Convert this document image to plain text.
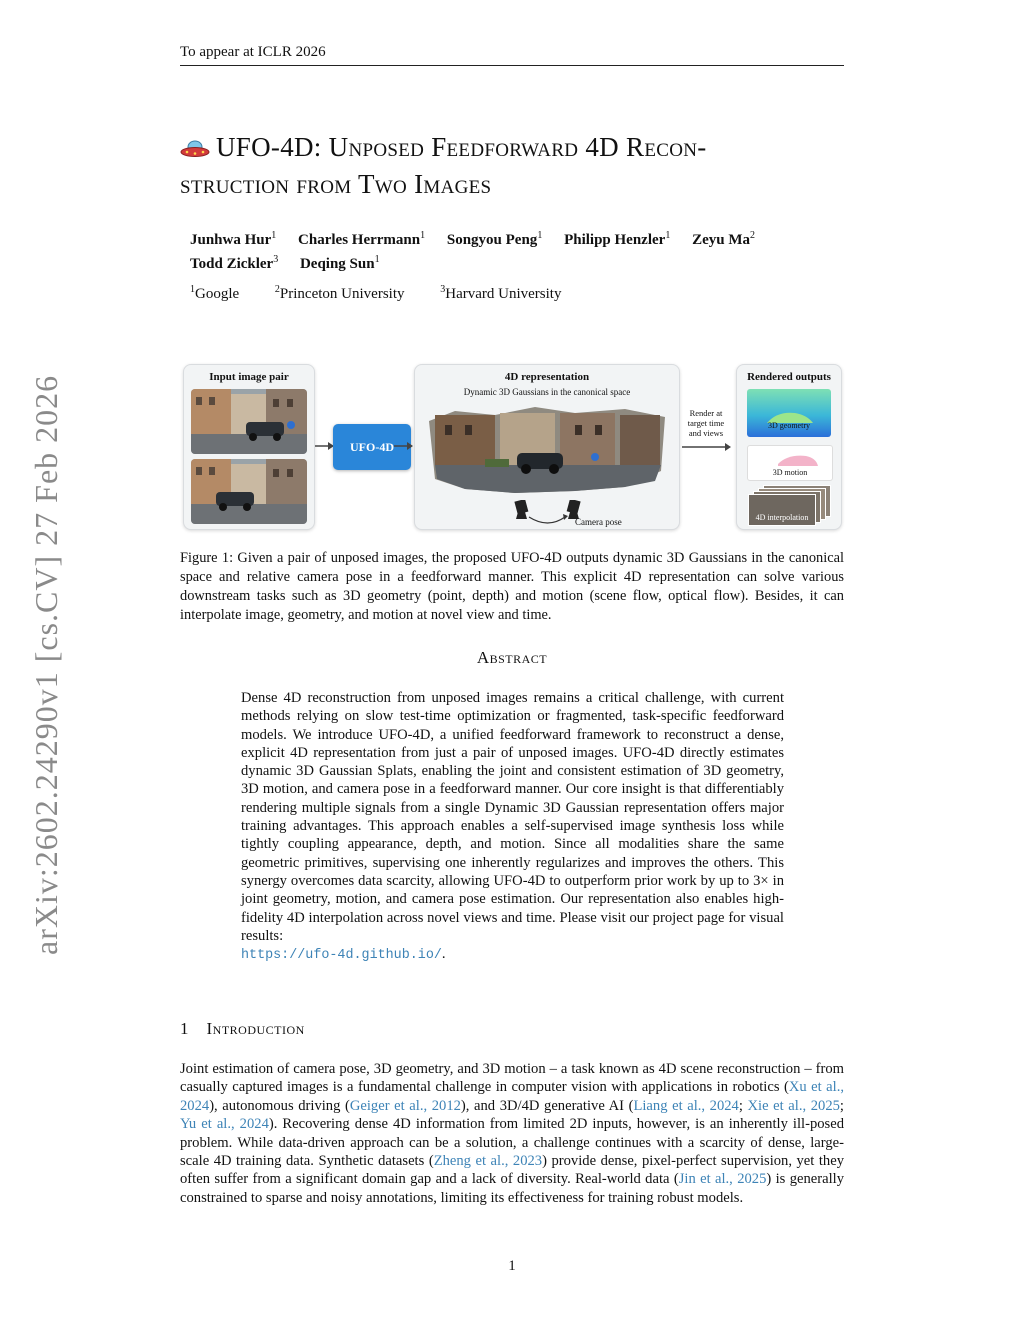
To appear at ICLR 2026
arXiv:2602.24290v1 [cs.CV] 27 Feb 2026
UFO-4D: Unposed Feedforward 4D Recon-
struction from Two Images
Junhwa Hur$^1$ Charles Herrmann$^1$ Songyou Peng$^1$ Philipp Henzler$^1$ Zeyu Ma$^2$
Todd Zickler$^3$ Deqing Sun$^1$
$^1$Google	$^2$Princeton University	$^3$Harvard University
Input image pair
UFO-4D
4D representation
Dynamic 3D Gaussians in the canonical space
Camera pose
Render at
target time
and views
Rendered outputs
3D geometry
3D motion
4D interpolation
Figure 1: Given a pair of unposed images, the proposed UFO-4D outputs dynamic 3D Gaussians in the canonical space and relative camera pose in a feedforward manner. This explicit 4D representation can solve various downstream tasks such as 3D geometry (point, depth) and motion (scene flow, optical flow). Besides, it can interpolate image, geometry, and motion at novel view and time.
Abstract
Dense 4D reconstruction from unposed images remains a critical challenge, with current methods relying on slow test-time optimization or fragmented, task-specific feedforward models. We introduce UFO-4D, a unified feedforward framework to reconstruct a dense, explicit 4D representation from just a pair of unposed images. UFO-4D directly estimates dynamic 3D Gaussian Splats, enabling the joint and consistent estimation of 3D geometry, 3D motion, and camera pose in a feedforward manner. Our core insight is that differentiably rendering multiple signals from a single Dynamic 3D Gaussian representation offers major training advantages. This approach enables a self-supervised image synthesis loss while tightly coupling appearance, depth, and motion. Since all modalities share the same geometric primitives, supervising one inherently regularizes and improves the others. This synergy overcomes data scarcity, allowing UFO-4D to outperform prior work by up to 3× in joint geometry, motion, and camera pose estimation. Our representation also enables high-fidelity 4D interpolation across novel views and time. Please visit our project page for visual results:
https://ufo-4d.github.io/.
1 Introduction
Joint estimation of camera pose, 3D geometry, and 3D motion – a task known as 4D scene reconstruction – from casually captured images is a fundamental challenge in computer vision with applications in robotics (Xu et al., 2024), autonomous driving (Geiger et al., 2012), and 3D/4D generative AI (Liang et al., 2024; Xie et al., 2025; Yu et al., 2024). Recovering dense 4D information from limited 2D inputs, however, is an inherently ill-posed problem. While data-driven approach can be a solution, a challenge continues with a scarcity of dense, large-scale 4D training data. Synthetic datasets (Zheng et al., 2023) provide dense, pixel-perfect supervision, yet they often suffer from a significant domain gap and a lack of diversity. Real-world data (Jin et al., 2025) is generally constrained to sparse and noisy annotations, limiting its effectiveness for training robust models.
1
